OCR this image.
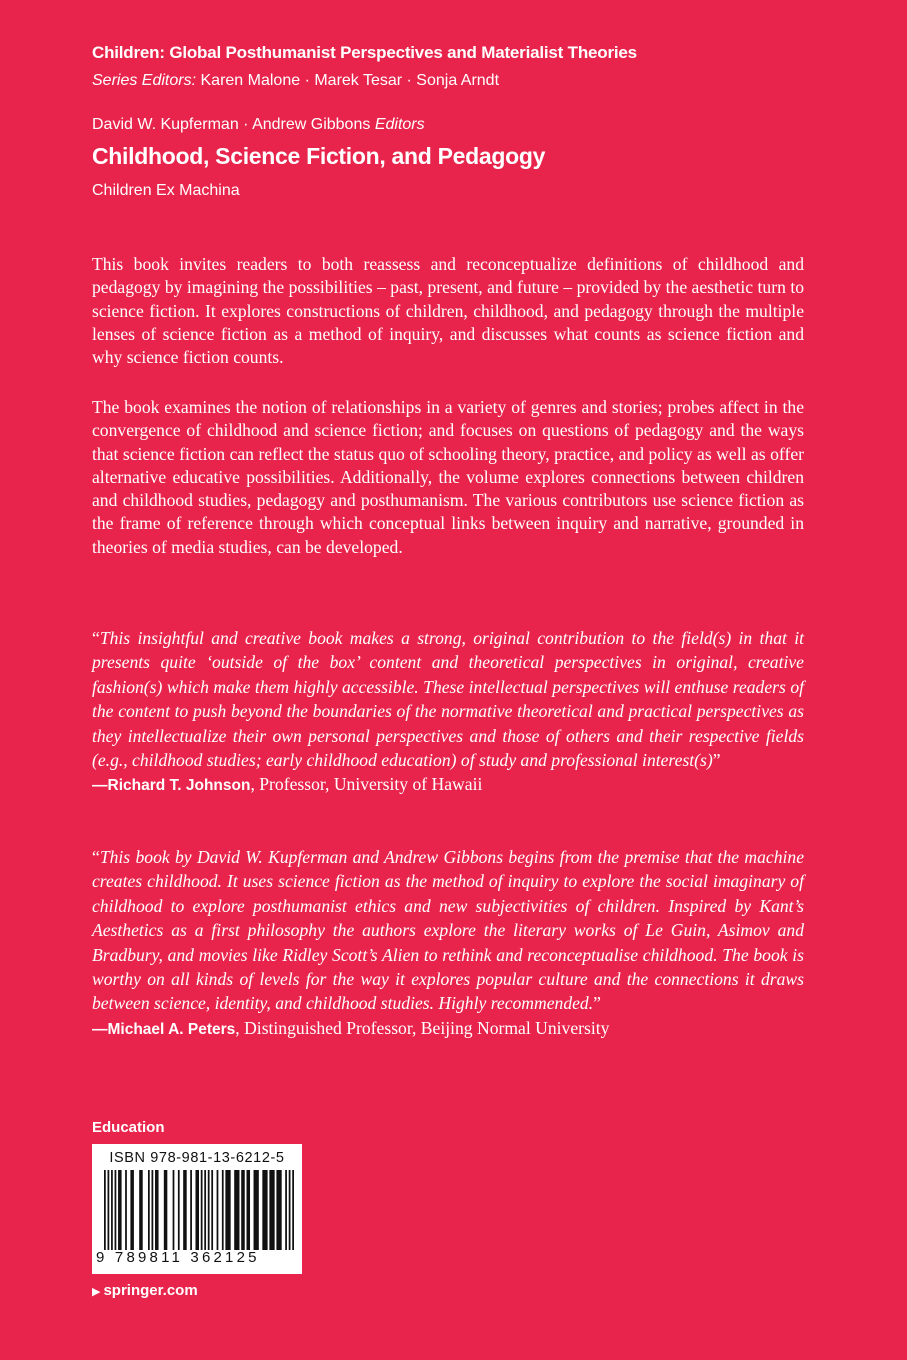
Children: Global Posthumanist Perspectives and Materialist Theories
Series Editors: Karen Malone · Marek Tesar · Sonja Arndt
David W. Kupferman · Andrew Gibbons Editors
Childhood, Science Fiction, and Pedagogy
Children Ex Machina

This book invites readers to both reassess and reconceptualize definitions of childhood and pedagogy by imagining the possibilities – past, present, and future – provided by the aesthetic turn to science fiction. It explores constructions of children, childhood, and pedagogy through the multiple lenses of science fiction as a method of inquiry, and discusses what counts as science fiction and why science fiction counts.

The book examines the notion of relationships in a variety of genres and stories; probes affect in the convergence of childhood and science fiction; and focuses on questions of pedagogy and the ways that science fiction can reflect the status quo of schooling theory, practice, and policy as well as offer alternative educative possibilities. Additionally, the volume explores connections between children and childhood studies, pedagogy and posthumanism. The various contributors use science fiction as the frame of reference through which conceptual links between inquiry and narrative, grounded in theories of media studies, can be developed.

“This insightful and creative book makes a strong, original contribution to the field(s) in that it presents quite ‘outside of the box’ content and theoretical perspectives in original, creative fashion(s) which make them highly accessible. These intellectual perspectives will enthuse readers of the content to push beyond the boundaries of the normative theoretical and practical perspectives as they intellectualize their own personal perspectives and those of others and their respective fields (e.g., childhood studies; early childhood education) of study and professional interest(s)”
—Richard T. Johnson, Professor, University of Hawaii

“This book by David W. Kupferman and Andrew Gibbons begins from the premise that the machine creates childhood. It uses science fiction as the method of inquiry to explore the social imaginary of childhood to explore posthumanist ethics and new subjectivities of children. Inspired by Kant’s Aesthetics as a first philosophy the authors explore the literary works of Le Guin, Asimov and Bradbury, and movies like Ridley Scott’s Alien to rethink and reconceptualise childhood. The book is worthy on all kinds of levels for the way it explores popular culture and the connections it draws between science, identity, and childhood studies. Highly recommended.”
—Michael A. Peters, Distinguished Professor, Beijing Normal University

Education
ISBN 978-981-13-6212-5
9 789811 362125
▶ springer.com
